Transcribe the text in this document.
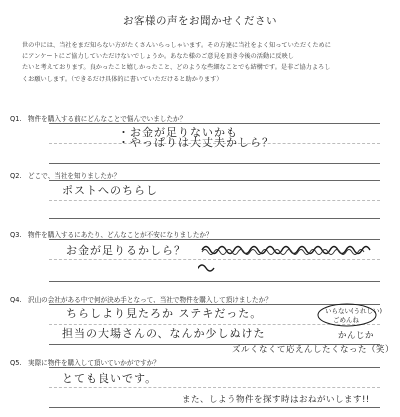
お客様の声をお聞かせください

世の中には、当社をまだ知らない方がたくさんいらっしゃいます。その方達に当社をよく知っていただくために

にアンケートにご協力していただけないでしょうか。あなた様のご意見を頂き今後の活動に反映し

たいと考えております。良かったこと嬉しかったこと、どのような些細なことでも結構です。是非ご協力よろし

くお願いします。（できるだけ具体的に書いていただけると助かります）

Q1. 物件を購入する前にどんなことで悩んでいましたか？
・お金が足りないかも
・やっぱりは大丈夫かしら？
Q2. どこで、当社を知りましたか？
ポストへのちらし
Q3. 物件を購入するにあたり、どんなことが不安になりましたか？
お金が足りるかしら？
Q4. 沢山の会社がある中で何が決め手となって、当社で物件を購入して頂けましたか？
ちらしより見たろか ステキだった。
担当の大場さんの、なんか少しぬけた
ズルくなくて応えんしたくなった（笑）
いらない(うれしい)
ごめんね
かんじか
Q5. 実際に物件を購入して頂いていかがですか？
とても良いです。
また、しよう物件を探す時はおねがいします!!
